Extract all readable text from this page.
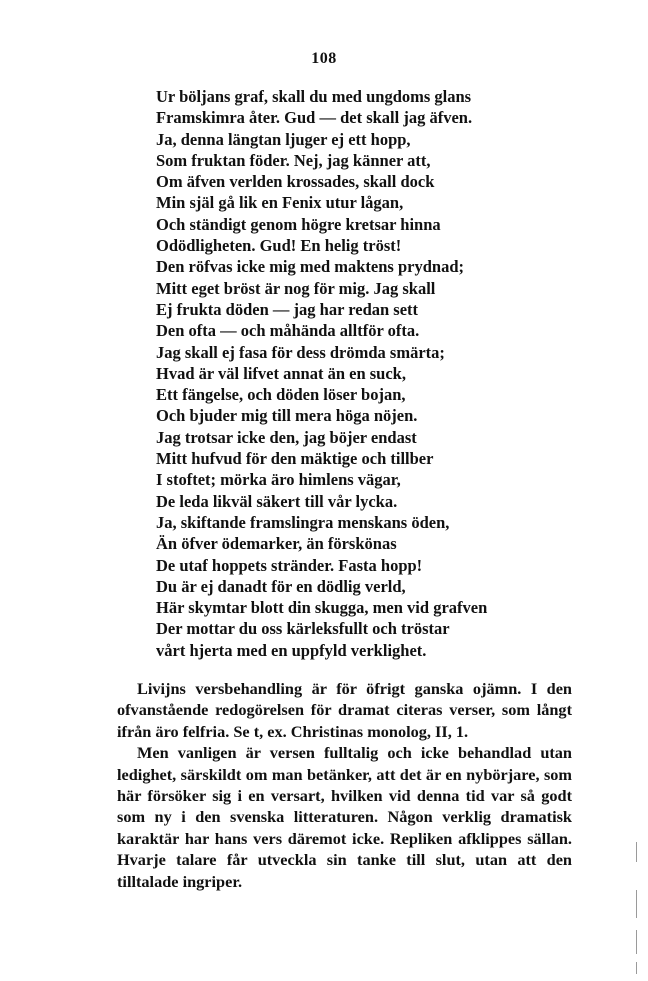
108
Ur böljans graf, skall du med ungdoms glans
Framskimra åter. Gud — det skall jag äfven.
Ja, denna längtan ljuger ej ett hopp,
Som fruktan föder. Nej, jag känner att,
Om äfven verlden krossades, skall dock
Min själ gå lik en Fenix utur lågan,
Och ständigt genom högre kretsar hinna
Odödligheten. Gud! En helig tröst!
Den röfvas icke mig med maktens prydnad;
Mitt eget bröst är nog för mig. Jag skall
Ej frukta döden — jag har redan sett
Den ofta — och måhända alltför ofta.
Jag skall ej fasa för dess drömda smärta;
Hvad är väl lifvet annat än en suck,
Ett fängelse, och döden löser bojan,
Och bjuder mig till mera höga nöjen.
Jag trotsar icke den, jag böjer endast
Mitt hufvud för den mäktige och tillber
I stoftet; mörka äro himlens vägar,
De leda likväl säkert till vår lycka.
Ja, skiftande framslingra menskans öden,
Än öfver ödemarker, än förskönas
De utaf hoppets stränder. Fasta hopp!
Du är ej danadt för en dödlig verld,
Här skymtar blott din skugga, men vid grafven
Der mottar du oss kärleksfullt och tröstar
vårt hjerta med en uppfyld verklighet.

Livijns versbehandling är för öfrigt ganska ojämn. I den ofvanstående redogörelsen för dramat citeras verser, som långt ifrån äro felfria. Se t, ex. Christinas monolog, II, 1.

Men vanligen är versen fulltalig och icke behandlad utan ledighet, särskildt om man betänker, att det är en nybörjare, som här försöker sig i en versart, hvilken vid denna tid var så godt som ny i den svenska litteraturen. Någon verklig dramatisk karaktär har hans vers däremot icke. Repliken afklippes sällan. Hvarje talare får utveckla sin tanke till slut, utan att den tilltalade ingriper.
